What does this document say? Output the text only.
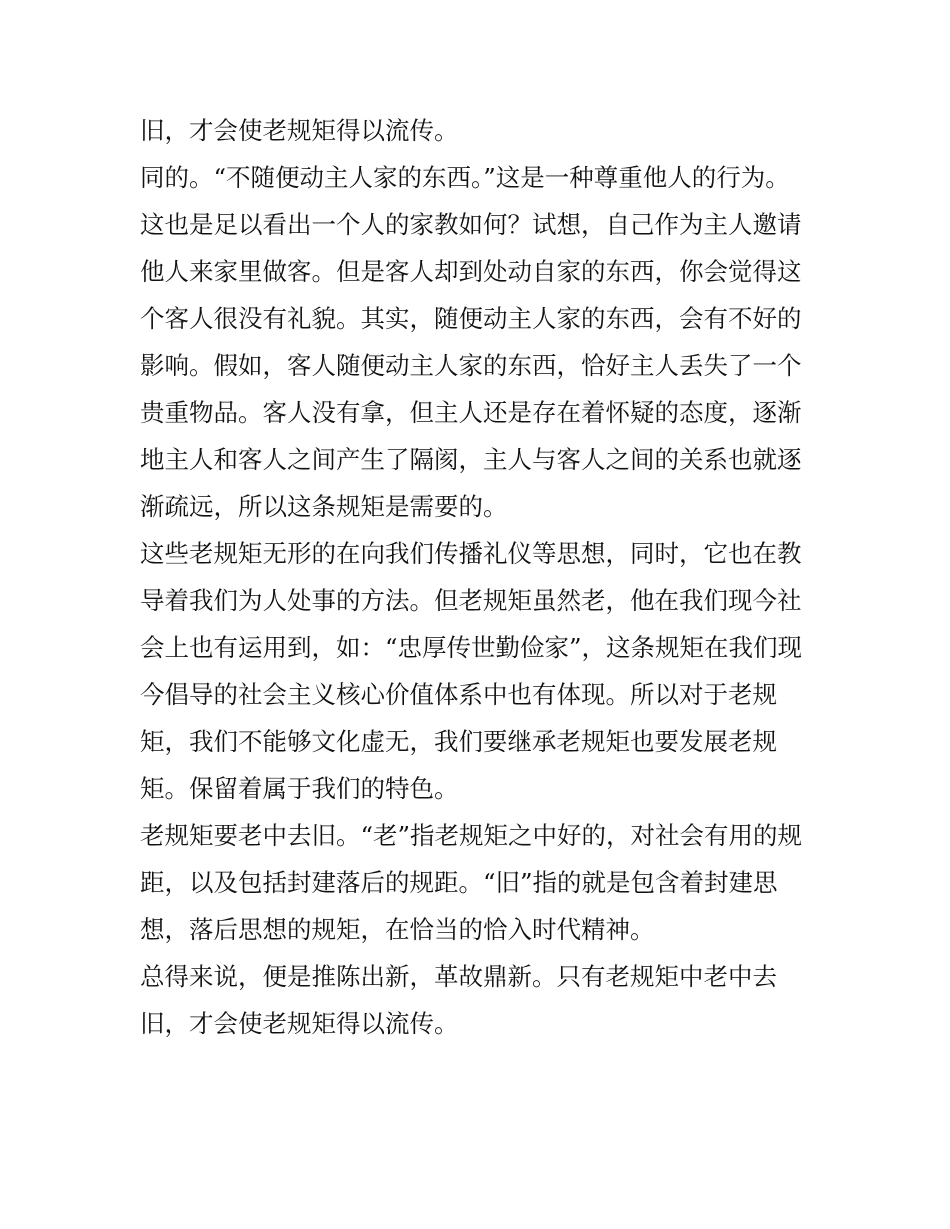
旧，才会使老规矩得以流传。
同的。“不随便动主人家的东西。”这是一种尊重他人的行为。
这也是足以看出一个人的家教如何？试想，自己作为主人邀请
他人来家里做客。但是客人却到处动自家的东西，你会觉得这
个客人很没有礼貌。其实，随便动主人家的东西，会有不好的
影响。假如，客人随便动主人家的东西，恰好主人丢失了一个
贵重物品。客人没有拿，但主人还是存在着怀疑的态度，逐渐
地主人和客人之间产生了隔阂，主人与客人之间的关系也就逐
渐疏远，所以这条规矩是需要的。
这些老规矩无形的在向我们传播礼仪等思想，同时，它也在教
导着我们为人处事的方法。但老规矩虽然老，他在我们现今社
会上也有运用到，如：“忠厚传世勤俭家”，这条规矩在我们现
今倡导的社会主义核心价值体系中也有体现。所以对于老规
矩，我们不能够文化虚无，我们要继承老规矩也要发展老规
矩。保留着属于我们的特色。
老规矩要老中去旧。“老”指老规矩之中好的，对社会有用的规
距，以及包括封建落后的规距。“旧”指的就是包含着封建思
想，落后思想的规矩，在恰当的恰入时代精神。
总得来说，便是推陈出新，革故鼎新。只有老规矩中老中去
旧，才会使老规矩得以流传。
